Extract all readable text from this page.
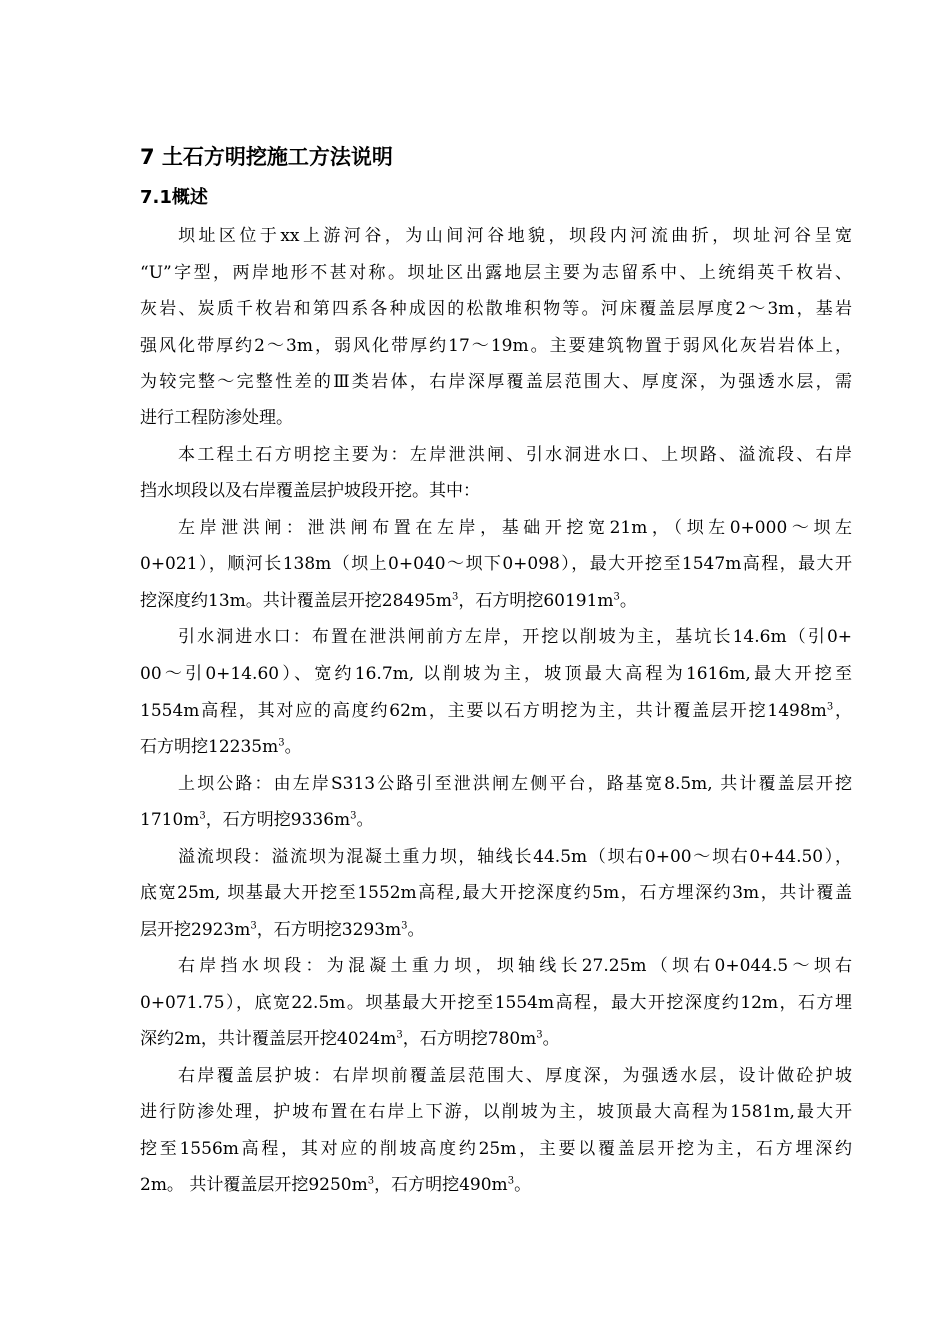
7 土石方明挖施工方法说明
7.1概述
坝址区位于xx上游河谷，为山间河谷地貌，坝段内河流曲折，坝址河谷呈宽
“U”字型，两岸地形不甚对称。坝址区出露地层主要为志留系中、上统绢英千枚岩、
灰岩、炭质千枚岩和第四系各种成因的松散堆积物等。河床覆盖层厚度2～3m，基岩
强风化带厚约2～3m，弱风化带厚约17～19m。主要建筑物置于弱风化灰岩岩体上，
为较完整～完整性差的Ⅲ类岩体，右岸深厚覆盖层范围大、厚度深，为强透水层，需
进行工程防渗处理。
本工程土石方明挖主要为：左岸泄洪闸、引水洞进水口、上坝路、溢流段、右岸
挡水坝段以及右岸覆盖层护坡段开挖。其中：
左岸泄洪闸：泄洪闸布置在左岸，基础开挖宽21m，（坝左0+000～坝左
0+021），顺河长138m（坝上0+040～坝下0+098），最大开挖至1547m高程，最大开
挖深度约13m。共计覆盖层开挖$28495m^3$，石方明挖$60191m^3$。
引水洞进水口：布置在泄洪闸前方左岸，开挖以削坡为主，基坑长14.6m（引0+
00～引0+14.60）、宽约16.7m, 以削坡为主，坡顶最大高程为1616m,最大开挖至
1554m高程，其对应的高度约62m，主要以石方明挖为主，共计覆盖层开挖$1498m^3$，
石方明挖$12235m^3$。
上坝公路：由左岸S313公路引至泄洪闸左侧平台，路基宽8.5m, 共计覆盖层开挖
$1710m^3$，石方明挖$9336m^3$。
溢流坝段：溢流坝为混凝土重力坝，轴线长44.5m（坝右0+00～坝右0+44.50），
底宽25m, 坝基最大开挖至1552m高程,最大开挖深度约5m，石方埋深约3m，共计覆盖
层开挖$2923m^3$，石方明挖$3293m^3$。
右岸挡水坝段：为混凝土重力坝，坝轴线长27.25m（坝右0+044.5～坝右
0+071.75），底宽22.5m。坝基最大开挖至1554m高程，最大开挖深度约12m，石方埋
深约2m，共计覆盖层开挖$4024m^3$，石方明挖$780m^3$。
右岸覆盖层护坡：右岸坝前覆盖层范围大、厚度深，为强透水层，设计做砼护坡
进行防渗处理，护坡布置在右岸上下游，以削坡为主，坡顶最大高程为1581m,最大开
挖至1556m高程，其对应的削坡高度约25m，主要以覆盖层开挖为主，石方埋深约
2m。 共计覆盖层开挖$9250m^3$，石方明挖$490m^3$。
